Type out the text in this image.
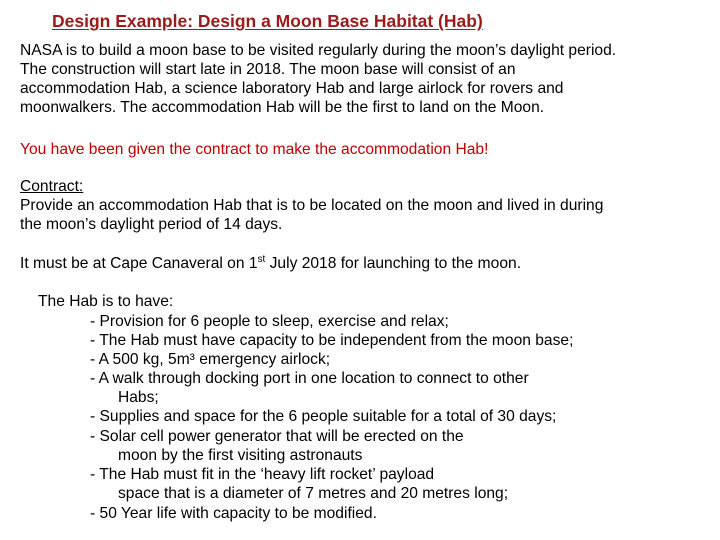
Design Example: Design a Moon Base Habitat (Hab)
NASA is to build a moon base to be visited regularly during the moon’s daylight period.
The construction will start late in 2018. The moon base will consist of an
accommodation Hab, a science laboratory Hab and large airlock for rovers and
moonwalkers. The accommodation Hab will be the first to land on the Moon.
You have been given the contract to make the accommodation Hab!
Contract:
Provide an accommodation Hab that is to be located on the moon and lived in during
the moon’s daylight period of 14 days.
It must be at Cape Canaveral on 1st July 2018 for launching to the moon.
The Hab is to have:
- Provision for 6 people to sleep, exercise and relax;
- The Hab must have capacity to be independent from the moon base;
- A 500 kg, 5m³ emergency airlock;
- A walk through docking port in one location to connect to other
Habs;
- Supplies and space for the 6 people suitable for a total of 30 days;
- Solar cell power generator that will be erected on the
moon by the first visiting astronauts
- The Hab must fit in the ‘heavy lift rocket’ payload
space that is a diameter of 7 metres and 20 metres long;
- 50 Year life with capacity to be modified.
